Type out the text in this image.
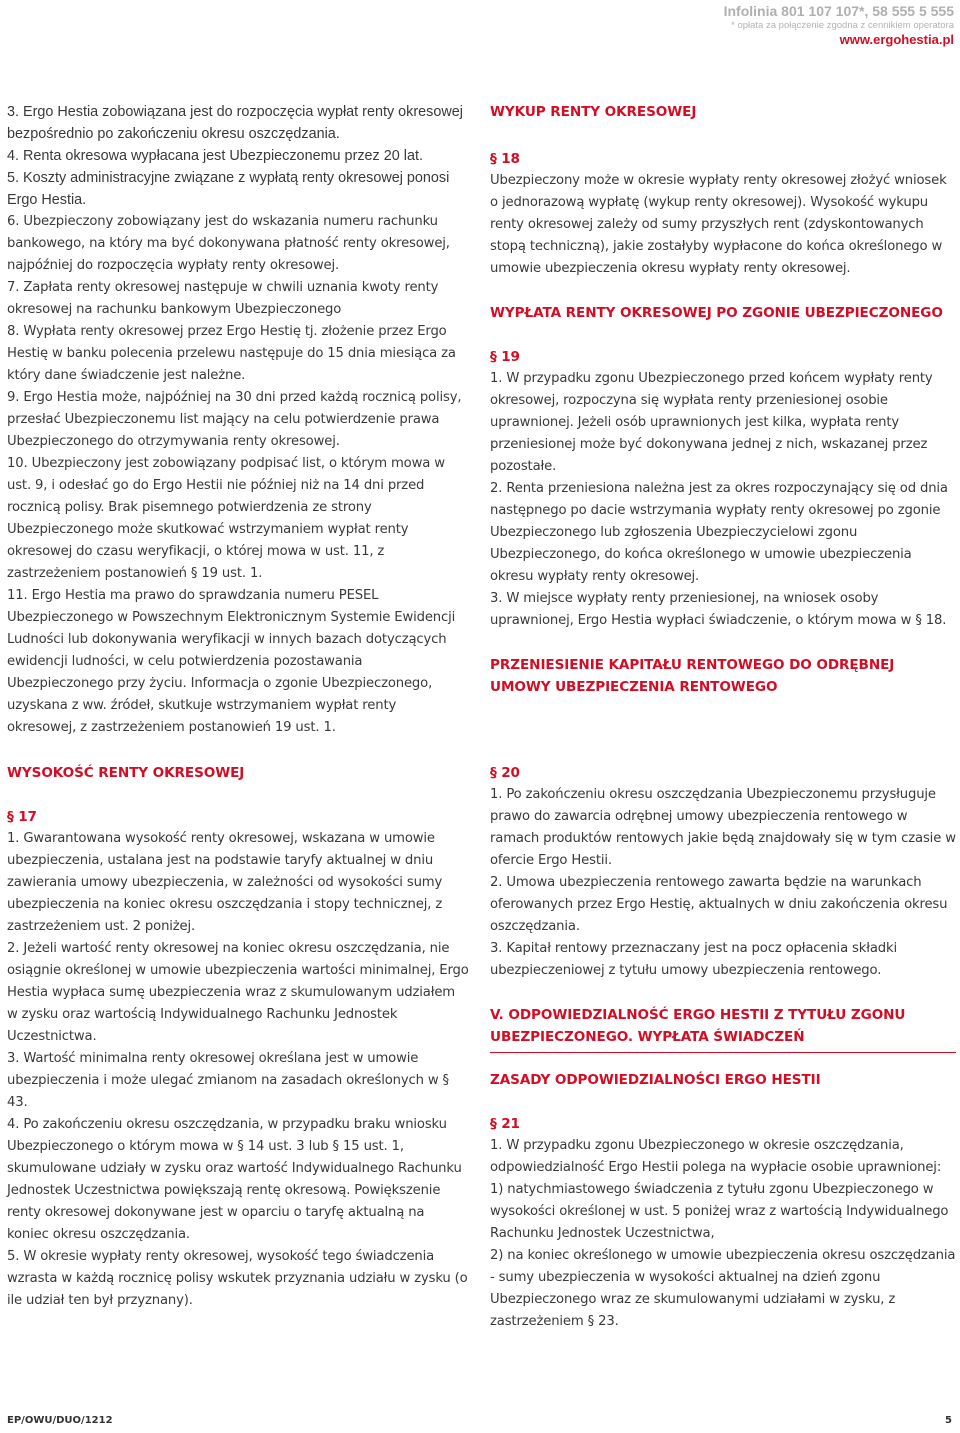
Infolinia 801 107 107*, 58 555 5 555
* opłata za połączenie zgodna z cennikiem operatora
www.ergohestia.pl

3. Ergo Hestia zobowiązana jest do rozpoczęcia wypłat renty okresowej bezpośrednio po zakończeniu okresu oszczędzania.

4. Renta okresowa wypłacana jest Ubezpieczonemu przez 20 lat.

5. Koszty administracyjne związane z wypłatą renty okresowej ponosi Ergo Hestia.

6. Ubezpieczony zobowiązany jest do wskazania numeru rachunku bankowego, na który ma być dokonywana płatność renty okresowej, najpóźniej do rozpoczęcia wypłaty renty okresowej.

7. Zapłata renty okresowej następuje w chwili uznania kwoty renty okresowej na rachunku bankowym Ubezpieczonego

8. Wypłata renty okresowej przez Ergo Hestię tj. złożenie przez Ergo Hestię w banku polecenia przelewu następuje do 15 dnia miesiąca za który dane świadczenie jest należne.

9. Ergo Hestia może, najpóźniej na 30 dni przed każdą rocznicą polisy, przesłać Ubezpieczonemu list mający na celu potwierdzenie prawa Ubezpieczonego do otrzymywania renty okresowej.

10. Ubezpieczony jest zobowiązany podpisać list, o którym mowa w ust. 9, i odesłać go do Ergo Hestii nie później niż na 14 dni przed rocznicą polisy. Brak pisemnego potwierdzenia ze strony Ubezpieczonego może skutkować wstrzymaniem wypłat renty okresowej do czasu weryfikacji, o której mowa w ust. 11, z zastrzeżeniem postanowień § 19 ust. 1.

11. Ergo Hestia ma prawo do sprawdzania numeru PESEL Ubezpieczonego w Powszechnym Elektronicznym Systemie Ewidencji Ludności lub dokonywania weryfikacji w innych bazach dotyczących ewidencji ludności, w celu potwierdzenia pozostawania Ubezpieczonego przy życiu. Informacja o zgonie Ubezpieczonego, uzyskana z ww. źródeł, skutkuje wstrzymaniem wypłat renty okresowej, z zastrzeżeniem postanowień 19 ust. 1.

WYKUP RENTY OKRESOWEJ

§ 18

Ubezpieczony może w okresie wypłaty renty okresowej złożyć wniosek o jednorazową wypłatę (wykup renty okresowej). Wysokość wykupu renty okresowej zależy od sumy przyszłych rent (zdyskontowanych stopą techniczną), jakie zostałyby wypłacone do końca określonego w umowie ubezpieczenia okresu wypłaty renty okresowej.

WYPŁATA RENTY OKRESOWEJ PO ZGONIE UBEZPIECZONEGO

§ 19

1. W przypadku zgonu Ubezpieczonego przed końcem wypłaty renty okresowej, rozpoczyna się wypłata renty przeniesionej osobie uprawnionej. Jeżeli osób uprawnionych jest kilka, wypłata renty przeniesionej może być dokonywana jednej z nich, wskazanej przez pozostałe.

2. Renta przeniesiona należna jest za okres rozpoczynający się od dnia następnego po dacie wstrzymania wypłaty renty okresowej po zgonie Ubezpieczonego lub zgłoszenia Ubezpieczycielowi zgonu Ubezpieczonego, do końca określonego w umowie ubezpieczenia okresu wypłaty renty okresowej.

3. W miejsce wypłaty renty przeniesionej, na wniosek osoby uprawnionej, Ergo Hestia wypłaci świadczenie, o którym mowa w § 18.

PRZENIESIENIE KAPITAŁU RENTOWEGO DO ODRĘBNEJ UMOWY UBEZPIECZENIA RENTOWEGO

WYSOKOŚĆ RENTY OKRESOWEJ

§ 17

1. Gwarantowana wysokość renty okresowej, wskazana w umowie ubezpieczenia, ustalana jest na podstawie taryfy aktualnej w dniu zawierania umowy ubezpieczenia, w zależności od wysokości sumy ubezpieczenia na koniec okresu oszczędzania i stopy technicznej, z zastrzeżeniem ust. 2 poniżej.

2. Jeżeli wartość renty okresowej na koniec okresu oszczędzania, nie osiągnie określonej w umowie ubezpieczenia wartości minimalnej, Ergo Hestia wypłaca sumę ubezpieczenia wraz z skumulowanym udziałem w zysku oraz wartością Indywidualnego Rachunku Jednostek Uczestnictwa.

3. Wartość minimalna renty okresowej określana jest w umowie ubezpieczenia i może ulegać zmianom na zasadach określonych w § 43.

4. Po zakończeniu okresu oszczędzania, w przypadku braku wniosku Ubezpieczonego o którym mowa w § 14 ust. 3 lub § 15 ust. 1, skumulowane udziały w zysku oraz wartość Indywidualnego Rachunku Jednostek Uczestnictwa powiększają rentę okresową. Powiększenie renty okresowej dokonywane jest w oparciu o taryfę aktualną na koniec okresu oszczędzania.

5. W okresie wypłaty renty okresowej, wysokość tego świadczenia wzrasta w każdą rocznicę polisy wskutek przyznania udziału w zysku (o ile udział ten był przyznany).

§ 20

1. Po zakończeniu okresu oszczędzania Ubezpieczonemu przysługuje prawo do zawarcia odrębnej umowy ubezpieczenia rentowego w ramach produktów rentowych jakie będą znajdowały się w tym czasie w ofercie Ergo Hestii.

2. Umowa ubezpieczenia rentowego zawarta będzie na warunkach oferowanych przez Ergo Hestię, aktualnych w dniu zakończenia okresu oszczędzania.

3. Kapitał rentowy przeznaczany jest na pocz opłacenia składki ubezpieczeniowej z tytułu umowy ubezpieczenia rentowego.

V. ODPOWIEDZIALNOŚĆ ERGO HESTII Z TYTUŁU ZGONU UBEZPIECZONEGO. WYPŁATA ŚWIADCZEŃ

ZASADY ODPOWIEDZIALNOŚCI ERGO HESTII

§ 21

1. W przypadku zgonu Ubezpieczonego w okresie oszczędzania, odpowiedzialność Ergo Hestii polega na wypłacie osobie uprawnionej:

1) natychmiastowego świadczenia z tytułu zgonu Ubezpieczonego w wysokości określonej w ust. 5 poniżej wraz z wartością Indywidualnego Rachunku Jednostek Uczestnictwa,

2) na koniec określonego w umowie ubezpieczenia okresu oszczędzania - sumy ubezpieczenia w wysokości aktualnej na dzień zgonu Ubezpieczonego wraz ze skumulowanymi udziałami w zysku, z zastrzeżeniem § 23.

EP/OWU/DUO/1212	5
